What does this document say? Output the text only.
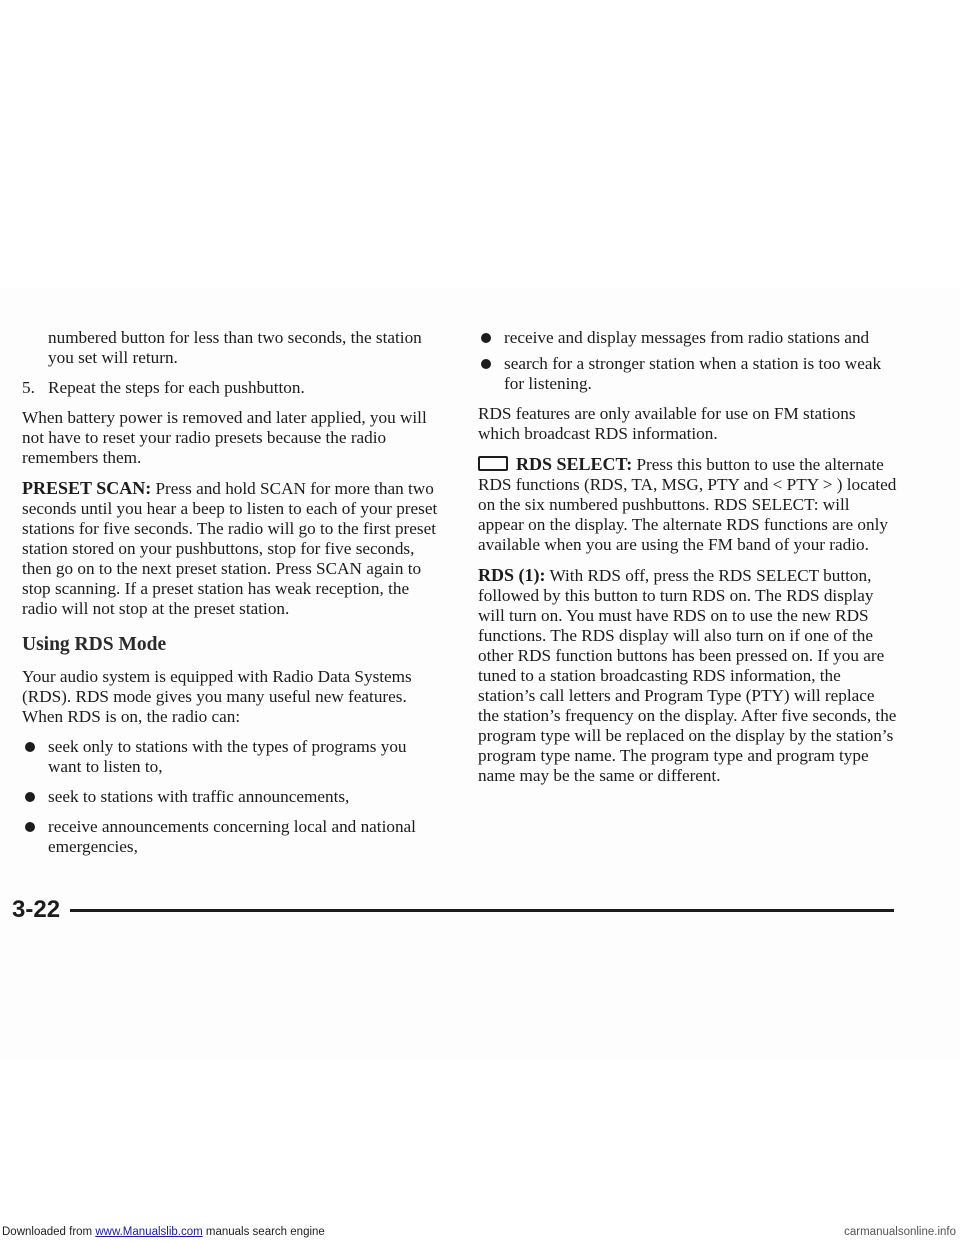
numbered button for less than two seconds, the station you set will return.

5. Repeat the steps for each pushbutton.

When battery power is removed and later applied, you will not have to reset your radio presets because the radio remembers them.

PRESET SCAN: Press and hold SCAN for more than two seconds until you hear a beep to listen to each of your preset stations for five seconds. The radio will go to the first preset station stored on your pushbuttons, stop for five seconds, then go on to the next preset station. Press SCAN again to stop scanning. If a preset station has weak reception, the radio will not stop at the preset station.

Using RDS Mode

Your audio system is equipped with Radio Data Systems (RDS). RDS mode gives you many useful new features. When RDS is on, the radio can:

seek only to stations with the types of programs you want to listen to,
seek to stations with traffic announcements,
receive announcements concerning local and national emergencies,
receive and display messages from radio stations and
search for a stronger station when a station is too weak for listening.

RDS features are only available for use on FM stations which broadcast RDS information.

RDS SELECT: Press this button to use the alternate RDS functions (RDS, TA, MSG, PTY and < PTY > ) located on the six numbered pushbuttons. RDS SELECT: will appear on the display. The alternate RDS functions are only available when you are using the FM band of your radio.

RDS (1): With RDS off, press the RDS SELECT button, followed by this button to turn RDS on. The RDS display will turn on. You must have RDS on to use the new RDS functions. The RDS display will also turn on if one of the other RDS function buttons has been pressed on. If you are tuned to a station broadcasting RDS information, the station’s call letters and Program Type (PTY) will replace the station’s frequency on the display. After five seconds, the program type will be replaced on the display by the station’s program type name. The program type and program type name may be the same or different.

3-22
Downloaded from www.Manualslib.com manuals search engine	carmanualsonline.info
